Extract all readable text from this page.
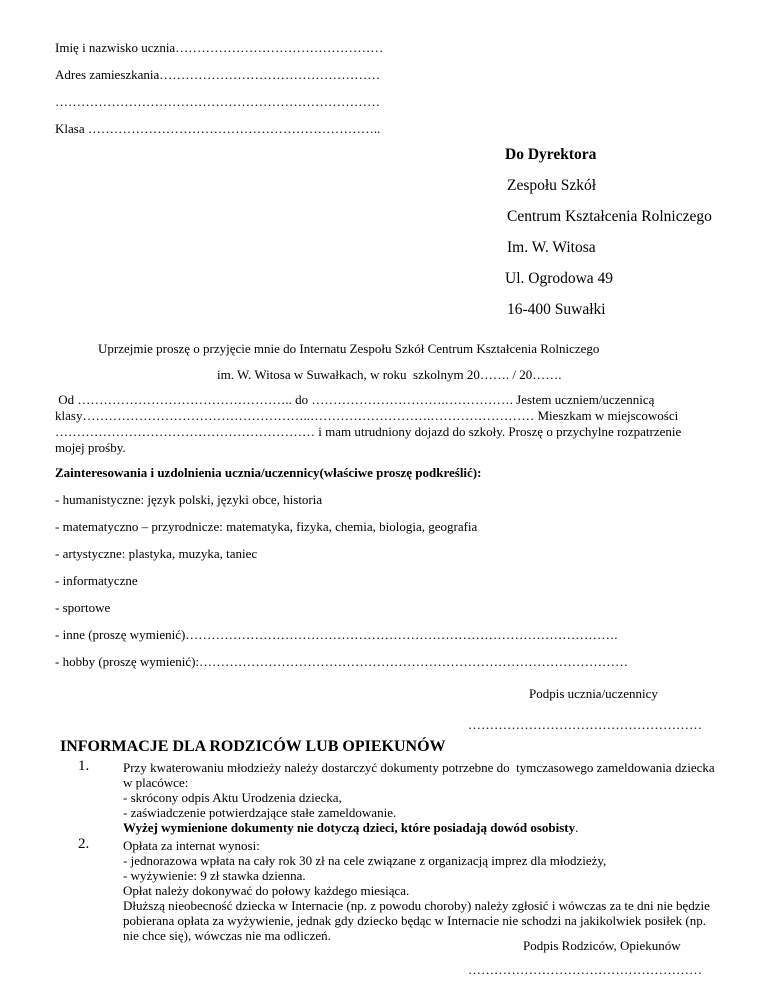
Imię i nazwisko ucznia…………………………………………
Adres zamieszkania……………………………………………
…………………………………………………………………
Klasa …………………………………………………………..
Do Dyrektora
Zespołu Szkół
Centrum Kształcenia Rolniczego
Im. W. Witosa
Ul. Ogrodowa 49
16-400 Suwałki
Uprzejmie proszę o przyjęcie mnie do Internatu Zespołu Szkół Centrum Kształcenia Rolniczego
im. W. Witosa w Suwałkach, w roku  szkolnym 20……. / 20…….
Od ………………………………………….. do ………………………….……………. Jestem uczniem/uczennicą
klasy……………………………………………..……………………….…………………… Mieszkam w miejscowości
…………………………………………………… i mam utrudniony dojazd do szkoły. Proszę o przychylne rozpatrzenie
mojej prośby.
Zainteresowania i uzdolnienia ucznia/uczennicy(właściwe proszę podkreślić):
- humanistyczne: język polski, języki obce, historia
- matematyczno – przyrodnicze: matematyka, fizyka, chemia, biologia, geografia
- artystyczne: plastyka, muzyka, taniec
- informatyczne
- sportowe
- inne (proszę wymienić)……………………………………………………………………………………….
- hobby (proszę wymienić):………………………………………………………………………………………
Podpis ucznia/uczennicy
………………………………………………
INFORMACJE DLA RODZICÓW LUB OPIEKUNÓW
1.	Przy kwaterowaniu młodzieży należy dostarczyć dokumenty potrzebne do  tymczasowego zameldowania dziecka
w placówce:
- skrócony odpis Aktu Urodzenia dziecka,
- zaświadczenie potwierdzające stałe zameldowanie.
Wyżej wymienione dokumenty nie dotyczą dzieci, które posiadają dowód osobisty.
2.	Opłata za internat wynosi:
- jednorazowa wpłata na cały rok 30 zł na cele związane z organizacją imprez dla młodzieży,
- wyżywienie: 9 zł stawka dzienna.
Opłat należy dokonywać do połowy każdego miesiąca.
Dłuższą nieobecność dziecka w Internacie (np. z powodu choroby) należy zgłosić i wówczas za te dni nie będzie
pobierana opłata za wyżywienie, jednak gdy dziecko będąc w Internacie nie schodzi na jakikolwiek posiłek (np.
nie chce się), wówczas nie ma odliczeń.
Podpis Rodziców, Opiekunów
………………………………………………
